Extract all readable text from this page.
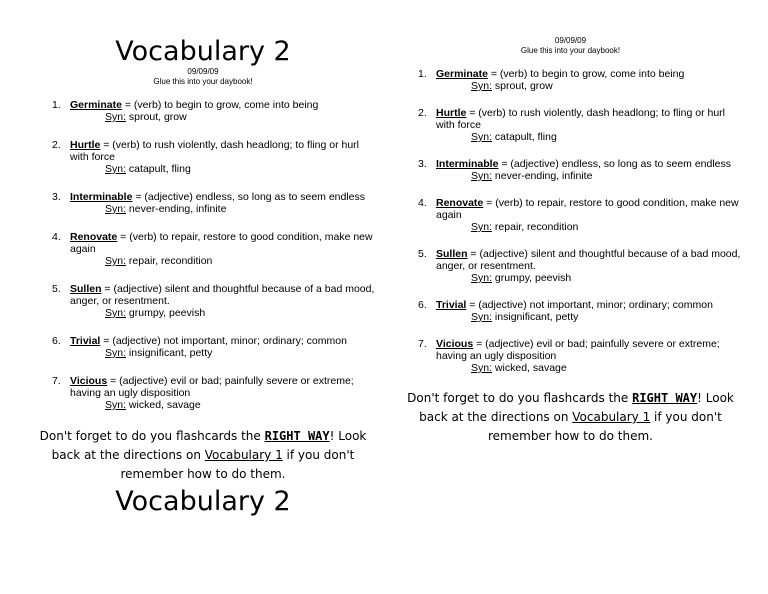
Vocabulary 2
09/09/09
Glue this into your daybook!
1. Germinate = (verb) to begin to grow, come into being
Syn: sprout, grow
2. Hurtle = (verb) to rush violently, dash headlong; to fling or hurl with force
Syn: catapult, fling
3. Interminable = (adjective) endless, so long as to seem endless
Syn: never-ending, infinite
4. Renovate = (verb) to repair, restore to good condition, make new again
Syn: repair, recondition
5. Sullen = (adjective) silent and thoughtful because of a bad mood, anger, or resentment.
Syn: grumpy, peevish
6. Trivial = (adjective) not important, minor; ordinary; common
Syn: insignificant, petty
7. Vicious = (adjective) evil or bad; painfully severe or extreme; having an ugly disposition
Syn: wicked, savage
Don't forget to do you flashcards the RIGHT WAY! Look back at the directions on Vocabulary 1 if you don't remember how to do them.
Vocabulary 2
09/09/09
Glue this into your daybook!
1. Germinate = (verb) to begin to grow, come into being
Syn: sprout, grow
2. Hurtle = (verb) to rush violently, dash headlong; to fling or hurl with force
Syn: catapult, fling
3. Interminable = (adjective) endless, so long as to seem endless
Syn: never-ending, infinite
4. Renovate = (verb) to repair, restore to good condition, make new again
Syn: repair, recondition
5. Sullen = (adjective) silent and thoughtful because of a bad mood, anger, or resentment.
Syn: grumpy, peevish
6. Trivial = (adjective) not important, minor; ordinary; common
Syn: insignificant, petty
7. Vicious = (adjective) evil or bad; painfully severe or extreme; having an ugly disposition
Syn: wicked, savage
Don't forget to do you flashcards the RIGHT WAY! Look back at the directions on Vocabulary 1 if you don't remember how to do them.
